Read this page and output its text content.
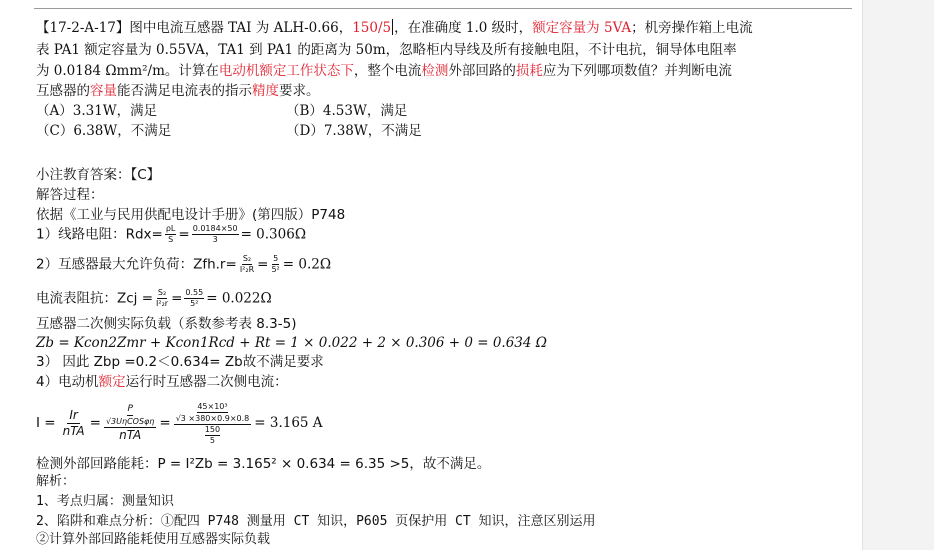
【17-2-A-17】图中电流互感器 TAI 为 ALH-0.66，150/5 ，在准确度 1.0 级时，额定容量为 5VA；机旁操作箱上电流
表 PA1 额定容量为 0.55VA，TA1 到 PA1 的距离为 50m，忽略柜内导线及所有接触电阻，不计电抗，铜导体电阻率
为 0.0184 Ωmm²/m。计算在电动机额定工作状态下，整个电流检测外部回路的损耗应为下列哪项数值？并判断电流
互感器的容量能否满足电流表的指示精度要求。
（A）3.31W，满足	（B）4.53W，满足
（C）6.38W，不满足	（D）7.38W，不满足
小注教育答案：【C】
解答过程：
依据《工业与民用供配电设计手册》(第四版）P748
1）线路电阻：$Rdx= \frac{\rho L}{S} = \frac{0.0184\times 50}{3} = 0.306\Omega$
2）互感器最大允许负荷：$Zfh.r= \frac{\text{S₂}}{\text{I²₂R}} = \frac{5}{\text{5²}} = 0.2\Omega$
电流表阻抗：Zcj = $\frac{\text{S₂}}{\text{I²₂r}} = \frac{0.55}{\text{5²}} = 0.022\Omega$
互感器二次侧实际负载（系数参考表 8.3-5)
Zb = Kcon2Zmr + Kcon1Rcd + Rt = 1 × 0.022 + 2 × 0.306 + 0 = 0.634 Ω
3） 因此 Zbp =0.2＜0.634= Zb故不满足要求
4）电动机额定运行时互感器二次侧电流：
I =
Ir
nTA =
P
√3UηCOSφη
nTA
= 45×10³
√3 ×380×0.9×0.8
150
5 = 3.165 A
检测外部回路能耗：P = I²Zb = 3.165² × 0.634 = 6.35 >5，故不满足。
解析：
1、考点归属：测量知识
2、陷阱和难点分析：①配四 P748 测量用 CT 知识，P605 页保护用 CT 知识，注意区别运用
②计算外部回路能耗使用互感器实际负载
